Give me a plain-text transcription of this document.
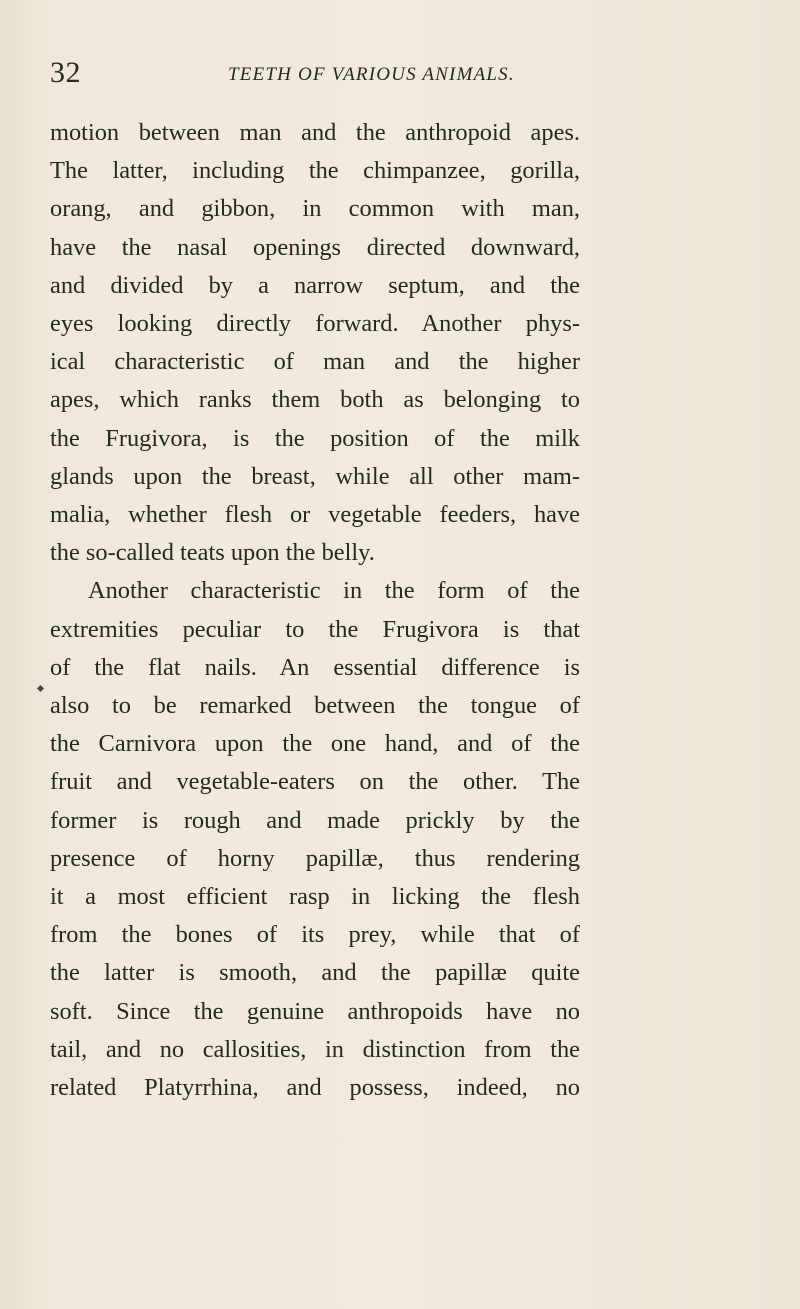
32	TEETH OF VARIOUS ANIMALS.
motion between man and the anthropoid apes.
The latter, including the chimpanzee, gorilla,
orang, and gibbon, in common with man,
have the nasal openings directed downward,
and divided by a narrow septum, and the
eyes looking directly forward. Another phys-
ical characteristic of man and the higher
apes, which ranks them both as belonging to
the Frugivora, is the position of the milk
glands upon the breast, while all other mam-
malia, whether flesh or vegetable feeders, have
the so-called teats upon the belly.
Another characteristic in the form of the
extremities peculiar to the Frugivora is that
of the flat nails. An essential difference is
also to be remarked between the tongue of
the Carnivora upon the one hand, and of the
fruit and vegetable-eaters on the other. The
former is rough and made prickly by the
presence of horny papillæ, thus rendering
it a most efficient rasp in licking the flesh
from the bones of its prey, while that of
the latter is smooth, and the papillæ quite
soft. Since the genuine anthropoids have no
tail, and no callosities, in distinction from the
related Platyrrhina, and possess, indeed, no
